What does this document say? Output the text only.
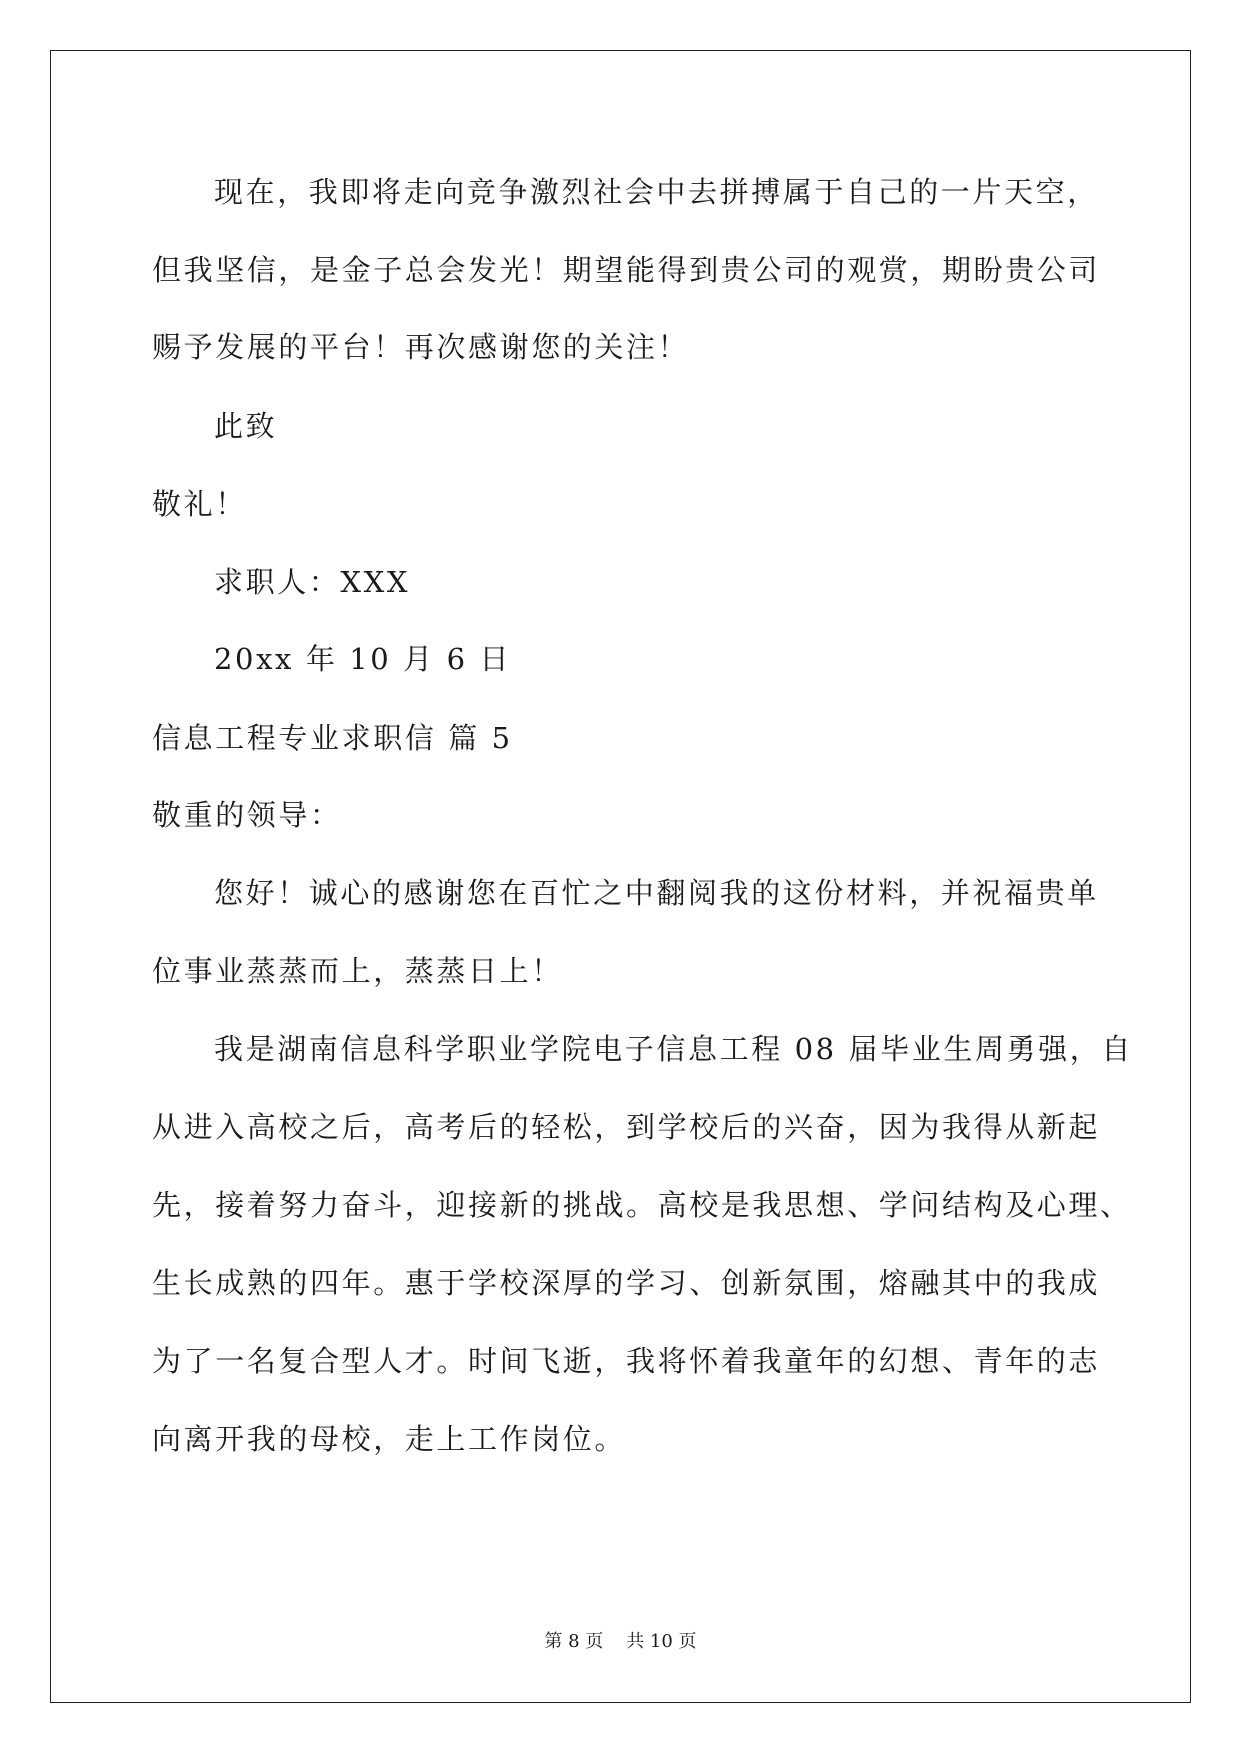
现在，我即将走向竞争激烈社会中去拼搏属于自己的一片天空，
但我坚信，是金子总会发光！期望能得到贵公司的观赏，期盼贵公司
赐予发展的平台！再次感谢您的关注！
此致
敬礼！
求职人：XXX
20xx 年 10 月 6 日
信息工程专业求职信 篇 5
敬重的领导：
您好！诚心的感谢您在百忙之中翻阅我的这份材料，并祝福贵单
位事业蒸蒸而上，蒸蒸日上！
我是湖南信息科学职业学院电子信息工程 08 届毕业生周勇强，自
从进入高校之后，高考后的轻松，到学校后的兴奋，因为我得从新起
先，接着努力奋斗，迎接新的挑战。高校是我思想、学问结构及心理、
生长成熟的四年。惠于学校深厚的学习、创新氛围，熔融其中的我成
为了一名复合型人才。时间飞逝，我将怀着我童年的幻想、青年的志
向离开我的母校，走上工作岗位。
第 8 页    共 10 页
